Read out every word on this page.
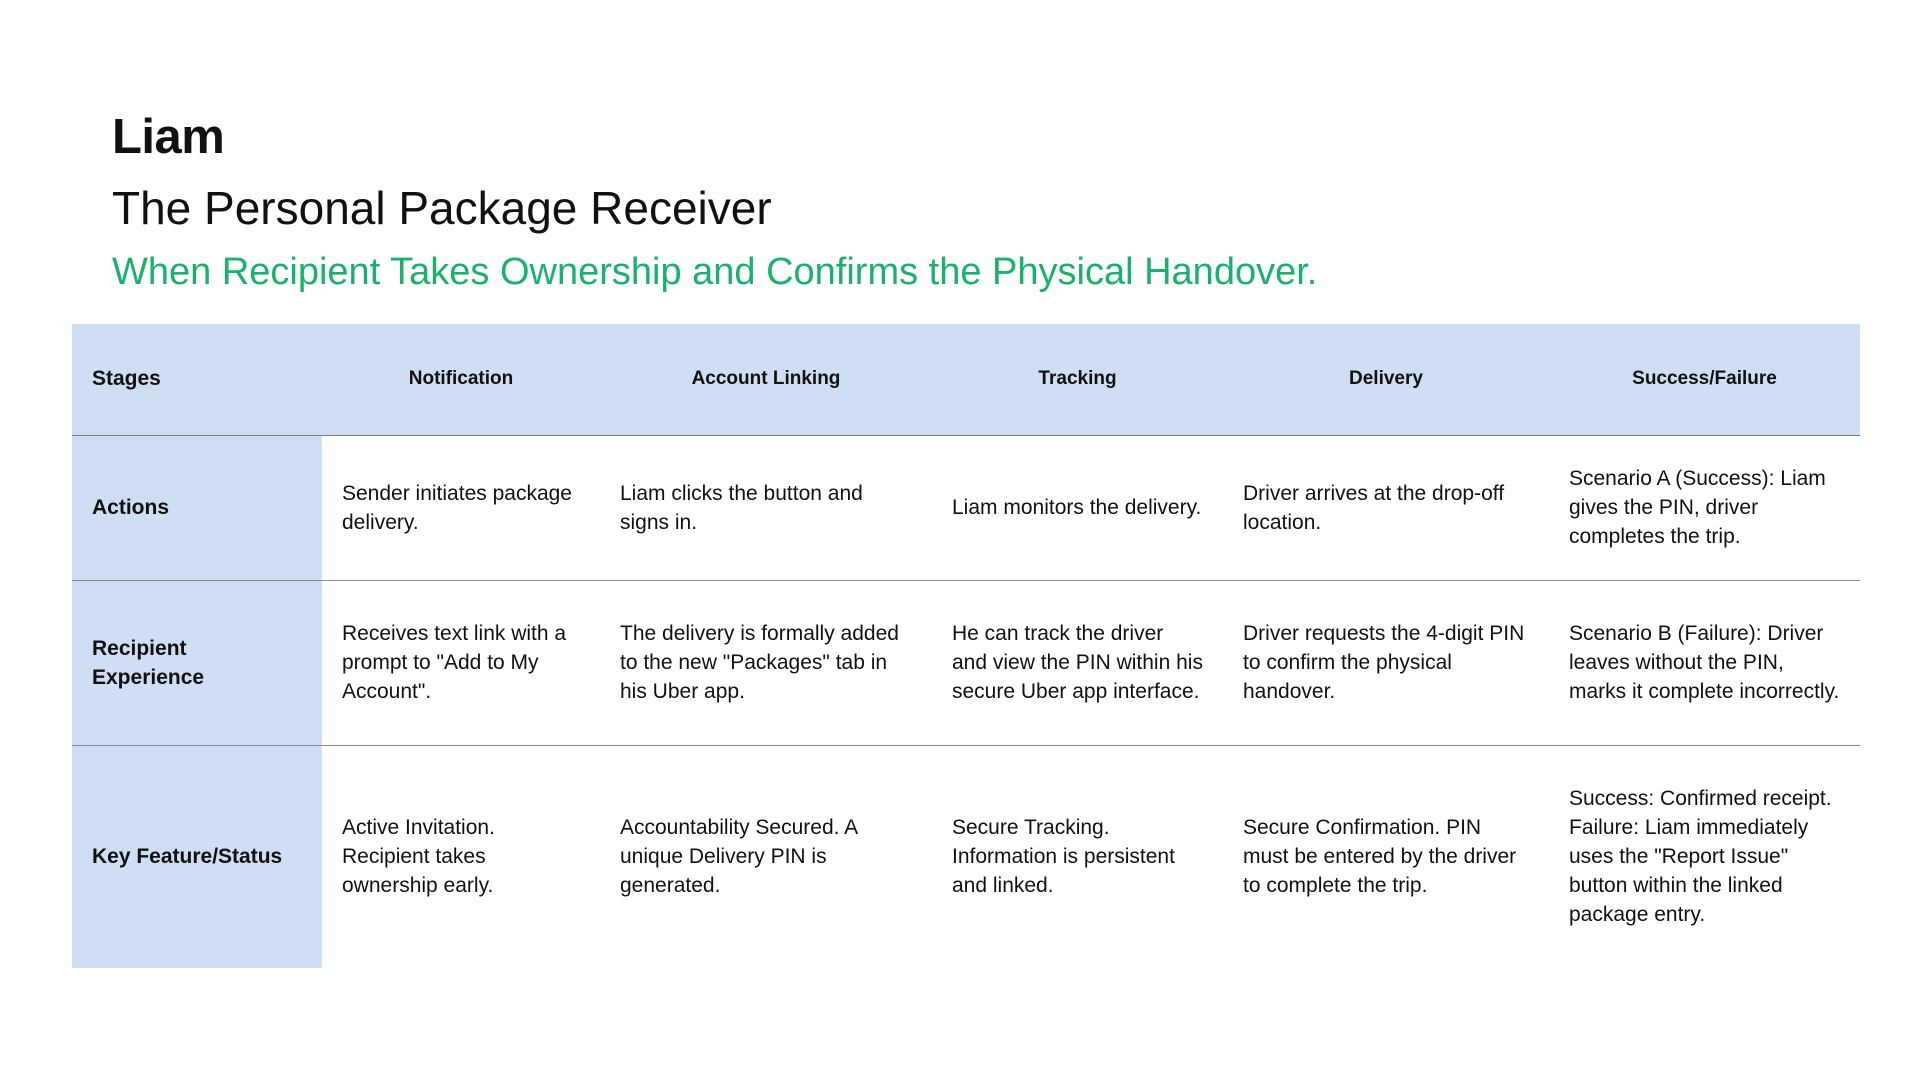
Liam
The Personal Package Receiver

When Recipient Takes Ownership and Confirms the Physical Handover.

Stages	Notification	Account Linking	Tracking	Delivery	Success/Failure
Actions	Sender initiates package delivery.	Liam clicks the button and signs in.	Liam monitors the delivery.	Driver arrives at the drop-off location.	Scenario A (Success): Liam gives the PIN, driver completes the trip.
Recipient Experience	Receives text link with a prompt to "Add to My Account".	The delivery is formally added to the new "Packages" tab in his Uber app.	He can track the driver and view the PIN within his secure Uber app interface.	Driver requests the 4-digit PIN to confirm the physical handover.	Scenario B (Failure): Driver leaves without the PIN, marks it complete incorrectly.
Key Feature/Status	Active Invitation. Recipient takes ownership early.	Accountability Secured. A unique Delivery PIN is generated.	Secure Tracking. Information is persistent and linked.	Secure Confirmation. PIN must be entered by the driver to complete the trip.	Success: Confirmed receipt. Failure: Liam immediately uses the "Report Issue" button within the linked package entry.
